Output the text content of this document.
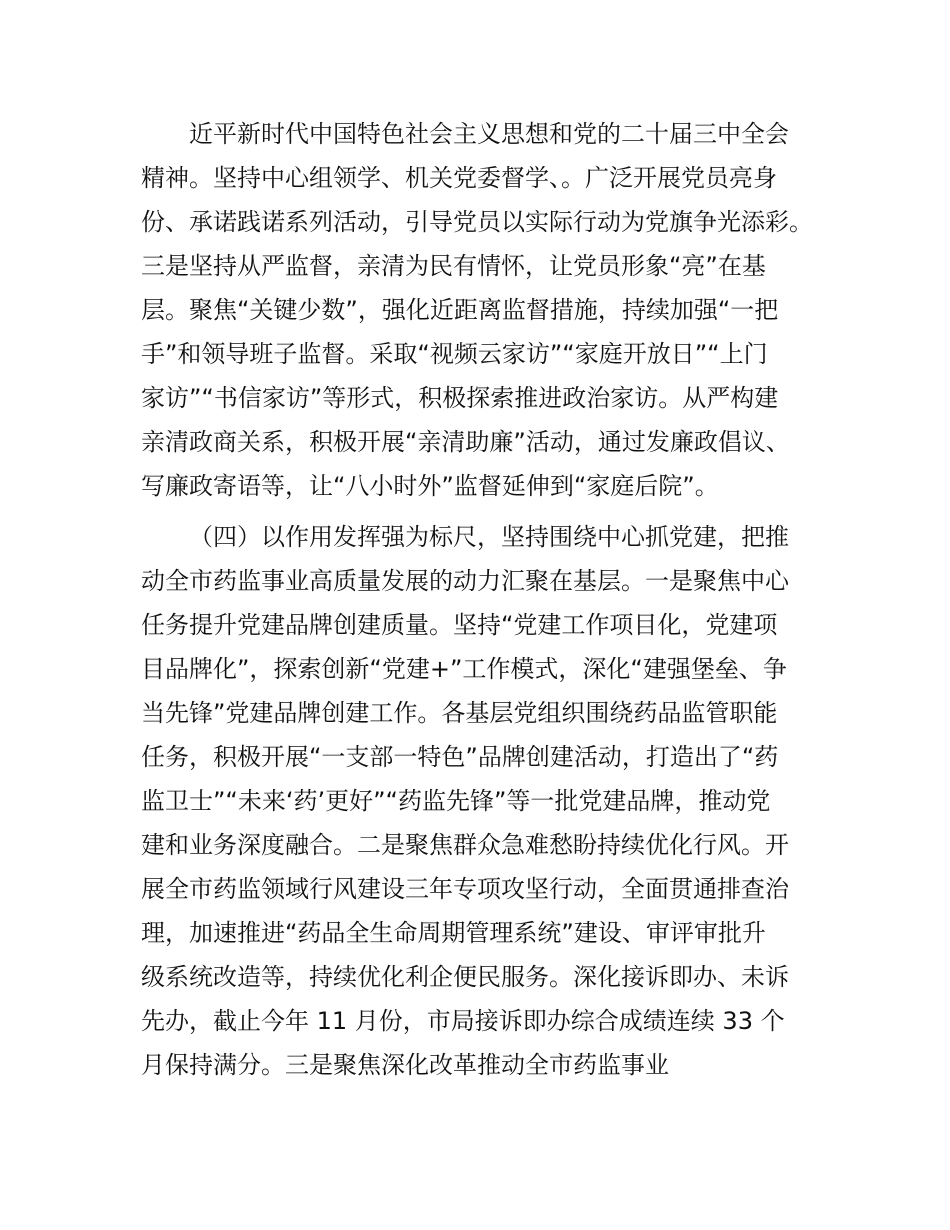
近平新时代中国特色社会主义思想和党的二十届三中全会
精神。坚持中心组领学、机关党委督学、。广泛开展党员亮身
份、承诺践诺系列活动，引导党员以实际行动为党旗争光添彩。
三是坚持从严监督，亲清为民有情怀，让党员形象“亮”在基
层。聚焦“关键少数”，强化近距离监督措施，持续加强“一把
手”和领导班子监督。采取“视频云家访”“家庭开放日”“上门
家访”“书信家访”等形式，积极探索推进政治家访。从严构建
亲清政商关系，积极开展“亲清助廉”活动，通过发廉政倡议、
写廉政寄语等，让“八小时外”监督延伸到“家庭后院”。
（四）以作用发挥强为标尺，坚持围绕中心抓党建，把推
动全市药监事业高质量发展的动力汇聚在基层。一是聚焦中心
任务提升党建品牌创建质量。坚持“党建工作项目化，党建项
目品牌化”，探索创新“党建+”工作模式，深化“建强堡垒、争
当先锋”党建品牌创建工作。各基层党组织围绕药品监管职能
任务，积极开展“一支部一特色”品牌创建活动，打造出了“药
监卫士”“未来‘药’更好”“药监先锋”等一批党建品牌，推动党
建和业务深度融合。二是聚焦群众急难愁盼持续优化行风。开
展全市药监领域行风建设三年专项攻坚行动，全面贯通排查治
理，加速推进“药品全生命周期管理系统”建设、审评审批升
级系统改造等，持续优化利企便民服务。深化接诉即办、未诉
先办，截止今年 11 月份，市局接诉即办综合成绩连续 33 个
月保持满分。三是聚焦深化改革推动全市药监事业
